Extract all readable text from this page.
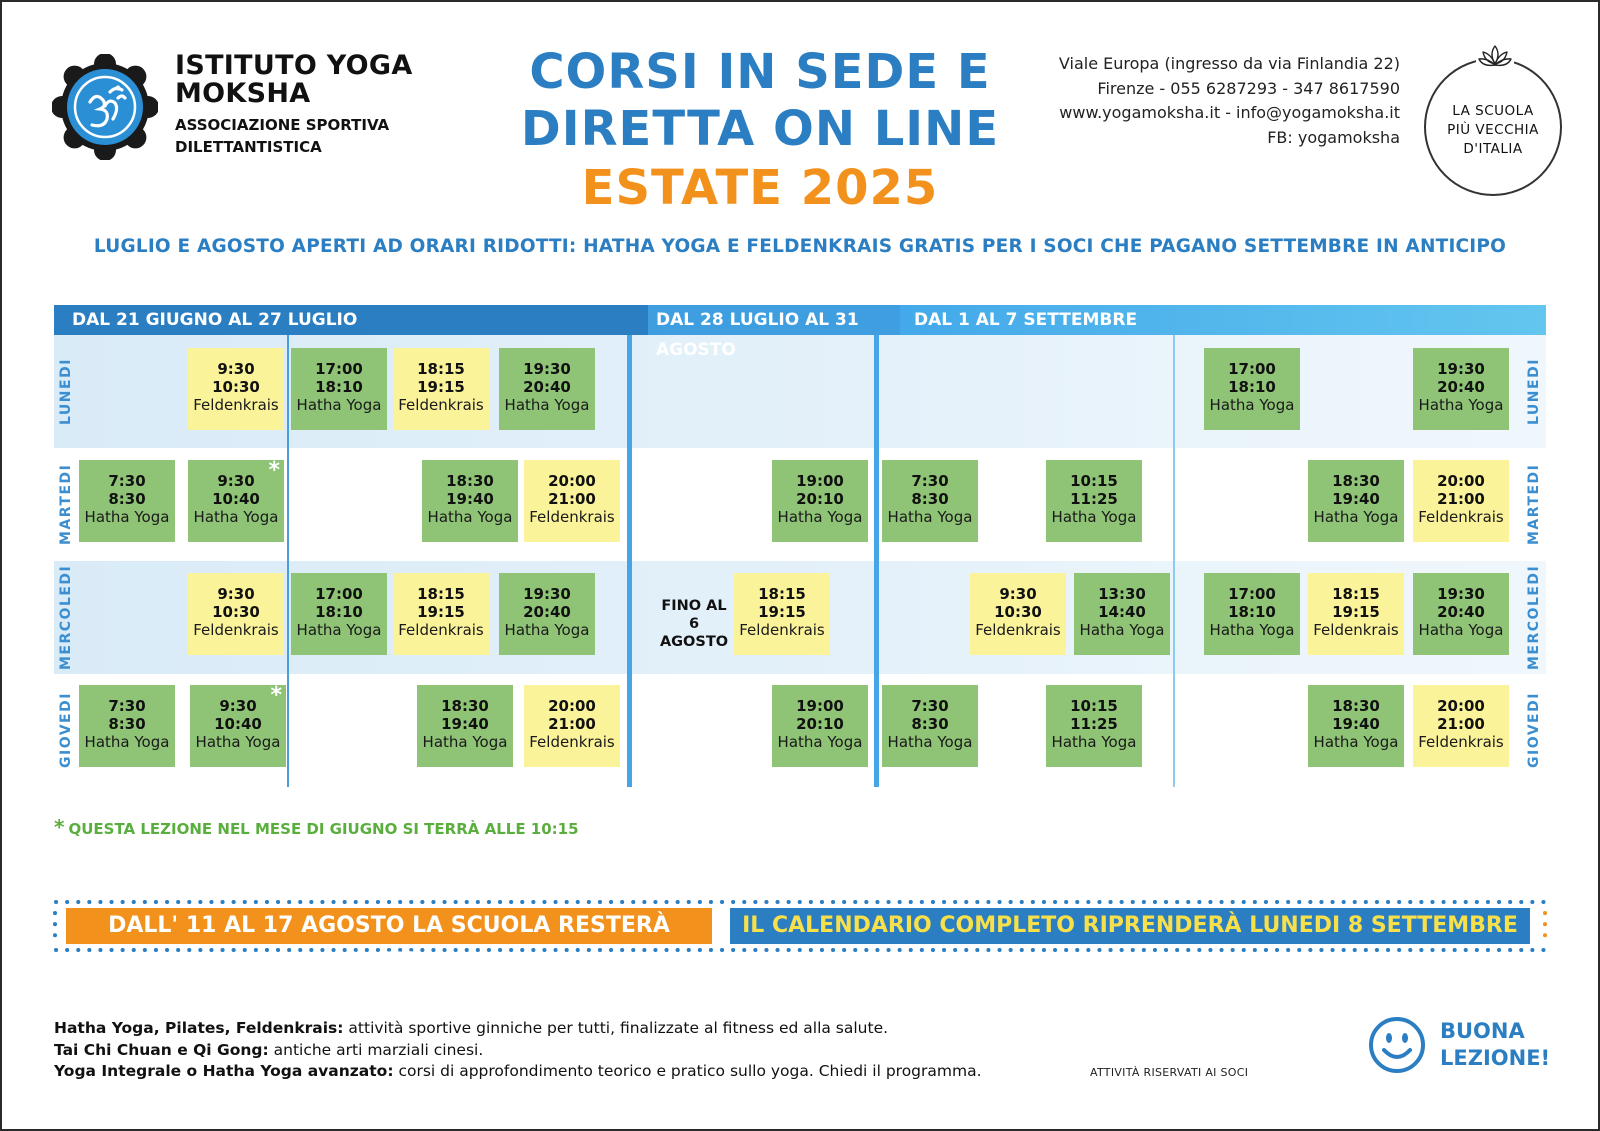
ISTITUTO YOGA MOKSHA
ASSOCIAZIONE SPORTIVA DILETTANTISTICA
CORSI IN SEDE E
DIRETTA ON LINE
ESTATE 2025
Viale Europa (ingresso da via Finlandia 22)
Firenze - 055 6287293 - 347 8617590
www.yogamoksha.it - info@yogamoksha.it
FB: yogamoksha
LA SCUOLA
PIÙ VECCHIA
D'ITALIA
LUGLIO E AGOSTO APERTI AD ORARI RIDOTTI: HATHA YOGA E FELDENKRAIS GRATIS PER I SOCI CHE PAGANO SETTEMBRE IN ANTICIPO
DAL 21 GIUGNO AL 27 LUGLIO	DAL 28 LUGLIO AL 31 AGOSTO
DAL 1 AL 7 SETTEMBRE
LUNEDI
MARTEDI
MERCOLEDI
GIOVEDI
LUNEDI
MARTEDI
MERCOLEDI
GIOVEDI
9:30
10:30
Feldenkrais
17:00
18:10
Hatha Yoga
18:15
19:15
Feldenkrais
19:30
20:40
Hatha Yoga
17:00
18:10
Hatha Yoga
19:30
20:40
Hatha Yoga
7:30
8:30
Hatha Yoga
*
9:30
10:40
Hatha Yoga
18:30
19:40
Hatha Yoga
20:00
21:00
Feldenkrais
19:00
20:10
Hatha Yoga
7:30
8:30
Hatha Yoga
10:15
11:25
Hatha Yoga
18:30
19:40
Hatha Yoga
20:00
21:00
Feldenkrais
9:30
10:30
Feldenkrais
17:00
18:10
Hatha Yoga
18:15
19:15
Feldenkrais
19:30
20:40
Hatha Yoga
FINO AL
6 AGOSTO
18:15
19:15
Feldenkrais
9:30
10:30
Feldenkrais
13:30
14:40
Hatha Yoga
17:00
18:10
Hatha Yoga
18:15
19:15
Feldenkrais
19:30
20:40
Hatha Yoga
7:30
8:30
Hatha Yoga
*
9:30
10:40
Hatha Yoga
18:30
19:40
Hatha Yoga
20:00
21:00
Feldenkrais
19:00
20:10
Hatha Yoga
7:30
8:30
Hatha Yoga
10:15
11:25
Hatha Yoga
18:30
19:40
Hatha Yoga
20:00
21:00
Feldenkrais
* QUESTA LEZIONE NEL MESE DI GIUGNO SI TERRÀ ALLE 10:15
DALL' 11 AL 17 AGOSTO LA SCUOLA RESTERÀ CHIUSA
IL CALENDARIO COMPLETO RIPRENDERÀ LUNEDI 8 SETTEMBRE
Hatha Yoga, Pilates, Feldenkrais: attività sportive ginniche per tutti, finalizzate al fitness ed alla salute.
Tai Chi Chuan e Qi Gong: antiche arti marziali cinesi.
Yoga Integrale o Hatha Yoga avanzato: corsi di approfondimento teorico e pratico sullo yoga. Chiedi il programma.	ATTIVITÀ RISERVATI AI SOCI
BUONA
LEZIONE!
